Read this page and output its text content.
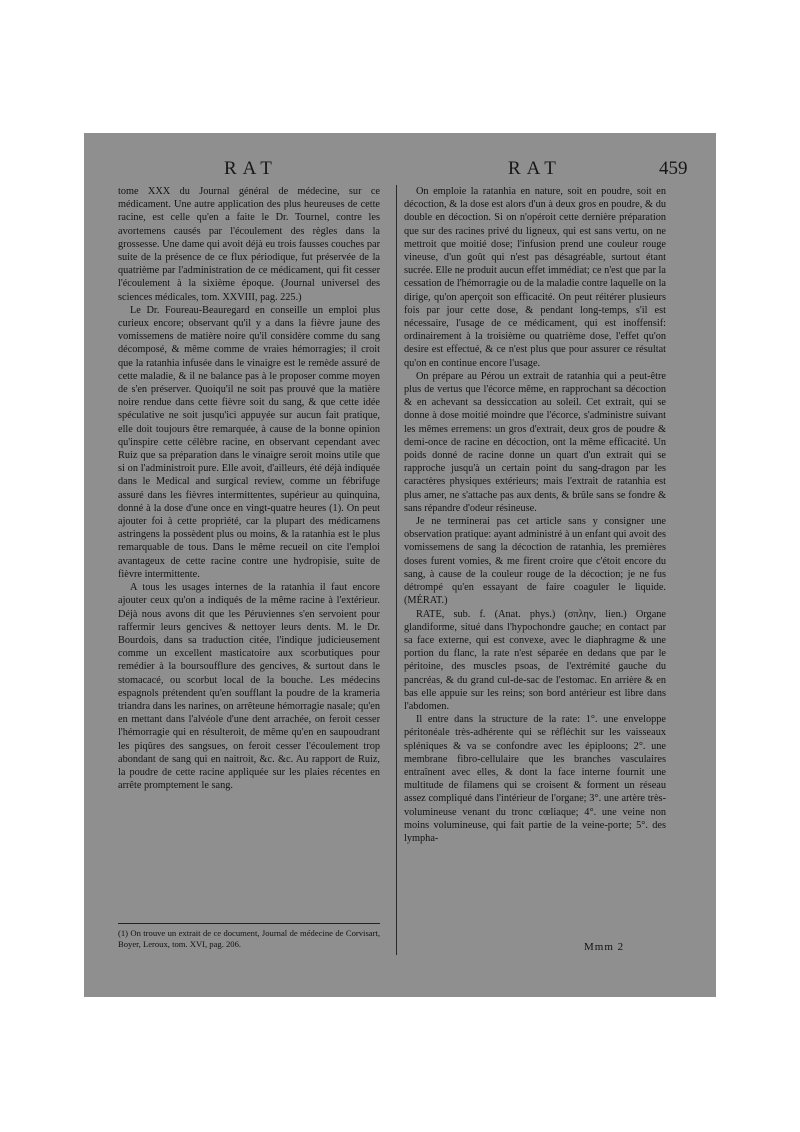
RAT	RAT	459

tome XXX du Journal général de médecine, sur ce médicament. Une autre application des plus heureuses de cette racine, est celle qu'en a faite le Dr. Tournel, contre les avortemens causés par l'écoulement des règles dans la grossesse. Une dame qui avoit déjà eu trois fausses couches par suite de la présence de ce flux périodique, fut préservée de la quatrième par l'administration de ce médicament, qui fit cesser l'écoulement à la sixième époque. (Journal universel des sciences médicales, tom. XXVIII, pag. 225.)

Le Dr. Foureau-Beauregard en conseille un emploi plus curieux encore; observant qu'il y a dans la fièvre jaune des vomissemens de matière noire qu'il considère comme du sang décomposé, & même comme de vraies hémorragies; il croit que la ratanhia infusée dans le vinaigre est le remède assuré de cette maladie, & il ne balance pas à le proposer comme moyen de s'en préserver. Quoiqu'il ne soit pas prouvé que la matière noire rendue dans cette fièvre soit du sang, & que cette idée spéculative ne soit jusqu'ici appuyée sur aucun fait pratique, elle doit toujours être remarquée, à cause de la bonne opinion qu'inspire cette célèbre racine, en observant cependant avec Ruiz que sa préparation dans le vinaigre seroit moins utile que si on l'administroit pure. Elle avoit, d'ailleurs, été déjà indiquée dans le Medical and surgical review, comme un fébrifuge assuré dans les fièvres intermittentes, supérieur au quinquina, donné à la dose d'une once en vingt-quatre heures (1). On peut ajouter foi à cette propriété, car la plupart des médicamens astringens la possèdent plus ou moins, & la ratanhia est le plus remarquable de tous. Dans le même recueil on cite l'emploi avantageux de cette racine contre une hydropisie, suite de fièvre intermittente.

A tous les usages internes de la ratanhia il faut encore ajouter ceux qu'on a indiqués de la même racine à l'extérieur. Déjà nous avons dit que les Péruviennes s'en servoient pour raffermir leurs gencives & nettoyer leurs dents. M. le Dr. Bourdois, dans sa traduction citée, l'indique judicieusement comme un excellent masticatoire aux scorbutiques pour remédier à la boursoufflure des gencives, & surtout dans le stomacacé, ou scorbut local de la bouche. Les médecins espagnols prétendent qu'en soufflant la poudre de la krameria triandra dans les narines, on arrêteune hémorragie nasale; qu'en en mettant dans l'alvéole d'une dent arrachée, on feroit cesser l'hémorragie qui en résulteroit, de même qu'en en saupoudrant les piqûres des sangsues, on feroit cesser l'écoulement trop abondant de sang qui en naitroit, &c. &c. Au rapport de Ruiz, la poudre de cette racine appliquée sur les plaies récentes en arrête promptement le sang.

On emploie la ratanhia en nature, soit en poudre, soit en décoction, & la dose est alors d'un à deux gros en poudre, & du double en décoction. Si on n'opéroit cette dernière préparation que sur des racines privé du ligneux, qui est sans vertu, on ne mettroit que moitié dose; l'infusion prend une couleur rouge vineuse, d'un goût qui n'est pas désagréable, surtout étant sucrée. Elle ne produit aucun effet immédiat; ce n'est que par la cessation de l'hémorragie ou de la maladie contre laquelle on la dirige, qu'on aperçoit son efficacité. On peut réitérer plusieurs fois par jour cette dose, & pendant long-temps, s'il est nécessaire, l'usage de ce médicament, qui est inoffensif: ordinairement à la troisième ou quatrième dose, l'effet qu'on desire est effectué, & ce n'est plus que pour assurer ce résultat qu'on en continue encore l'usage.

On prépare au Pérou un extrait de ratanhia qui a peut-être plus de vertus que l'écorce même, en rapprochant sa décoction & en achevant sa dessiccation au soleil. Cet extrait, qui se donne à dose moitié moindre que l'écorce, s'administre suivant les mêmes erremens: un gros d'extrait, deux gros de poudre & demi-once de racine en décoction, ont la même efficacité. Un poids donné de racine donne un quart d'un extrait qui se rapproche jusqu'à un certain point du sang-dragon par les caractères physiques extérieurs; mais l'extrait de ratanhia est plus amer, ne s'attache pas aux dents, & brûle sans se fondre & sans répandre d'odeur résineuse.

Je ne terminerai pas cet article sans y consigner une observation pratique: ayant administré à un enfant qui avoit des vomissemens de sang la décoction de ratanhia, les premières doses furent vomies, & me firent croire que c'étoit encore du sang, à cause de la couleur rouge de la décoction; je ne fus détrompé qu'en essayant de faire coaguler le liquide. (MÉRAT.)

RATE, sub. f. (Anat. phys.) (σπλην, lien.) Organe glandiforme, situé dans l'hypochondre gauche; en contact par sa face externe, qui est convexe, avec le diaphragme & une portion du flanc, la rate n'est séparée en dedans que par le péritoine, des muscles psoas, de l'extrémité gauche du pancréas, & du grand cul-de-sac de l'estomac. En arrière & en bas elle appuie sur les reins; son bord antérieur est libre dans l'abdomen.

Il entre dans la structure de la rate: 1°. une enveloppe péritonéale très-adhérente qui se réfléchit sur les vaisseaux spléniques & va se confondre avec les épiploons; 2°. une membrane fibro-cellulaire que les branches vasculaires entraînent avec elles, & dont la face interne fournit une multitude de filamens qui se croisent & forment un réseau assez compliqué dans l'intérieur de l'organe; 3°. une artère très-volumineuse venant du tronc cœliaque; 4°. une veine non moins volumineuse, qui fait partie de la veine-porte; 5°. des lympha-

(1) On trouve un extrait de ce document, Journal de médecine de Corvisart, Boyer, Leroux, tom. XVI, pag. 206.	Mmm 2
